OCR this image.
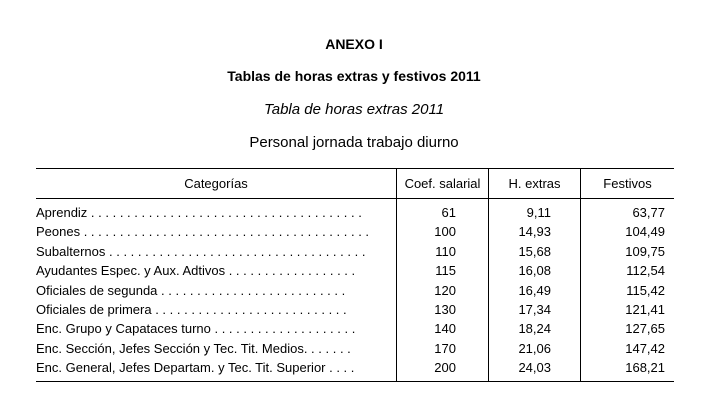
ANEXO I
Tablas de horas extras y festivos 2011
Tabla de horas extras 2011
Personal jornada trabajo diurno
Categorías	Coef. salarial	H. extras	Festivos
Aprendiz . . . . . . . . . . . . . . . . . . . . . . . . . . . . . . . . . . . . . .	61	9,11	63,77
Peones . . . . . . . . . . . . . . . . . . . . . . . . . . . . . . . . . . . . . . . .	100	14,93	104,49
Subalternos . . . . . . . . . . . . . . . . . . . . . . . . . . . . . . . . . . . .	110	15,68	109,75
Ayudantes Espec. y Aux. Adtivos . . . . . . . . . . . . . . . . . .	115	16,08	112,54
Oficiales de segunda . . . . . . . . . . . . . . . . . . . . . . . . . .	120	16,49	115,42
Oficiales de primera . . . . . . . . . . . . . . . . . . . . . . . . . . .	130	17,34	121,41
Enc. Grupo y Capataces turno . . . . . . . . . . . . . . . . . . . .	140	18,24	127,65
Enc. Sección, Jefes Sección y Tec. Tit. Medios. . . . . . .	170	21,06	147,42
Enc. General, Jefes Departam. y Tec. Tit. Superior . . . .	200	24,03	168,21
